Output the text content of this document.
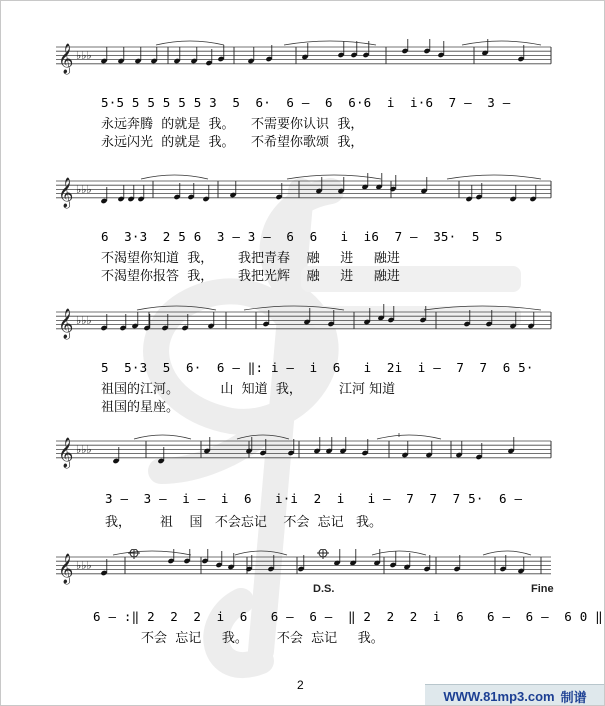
𝄞 ♭♭♭
5·5 5 5 5 5 5 3  5  6·  6 —  6  6·6  i  i·6  7 —  3 —
永远奔腾  的就是  我。    不需要你认识  我，
永远闪光  的就是  我。    不希望你歌颂  我，
𝄞 ♭♭♭
6  3·3  2 5 6  3 — 3 —  6  6   i  i6  7 —  35·  5  5
不渴望你知道  我，      我把青春    融     进     融进
不渴望你报答  我，      我把光辉    融     进     融进
𝄞 ♭♭♭
5  5·3  5  6·  6 — ‖: i —  i  6   i  2i  i —  7  7  6 5·
祖国的江河。          山  知道  我，         江河 知道
祖国的星座。
𝄞 ♭♭♭
3 —  3 —  i —  i  6   i·i  2  i   i —  7  7  7 5·  6 —
我，       祖    国   不会忘记    不会  忘记   我。
𝄞 ♭♭♭
D.S.	Fine
6 — :‖ 2  2  2  i  6   6 —  6 —  ‖ 2  2  2  i  6   6 —  6 —  6 0 ‖
不会  忘记     我。       不会  忘记     我。
2
WWW.81mp3.com 制谱
